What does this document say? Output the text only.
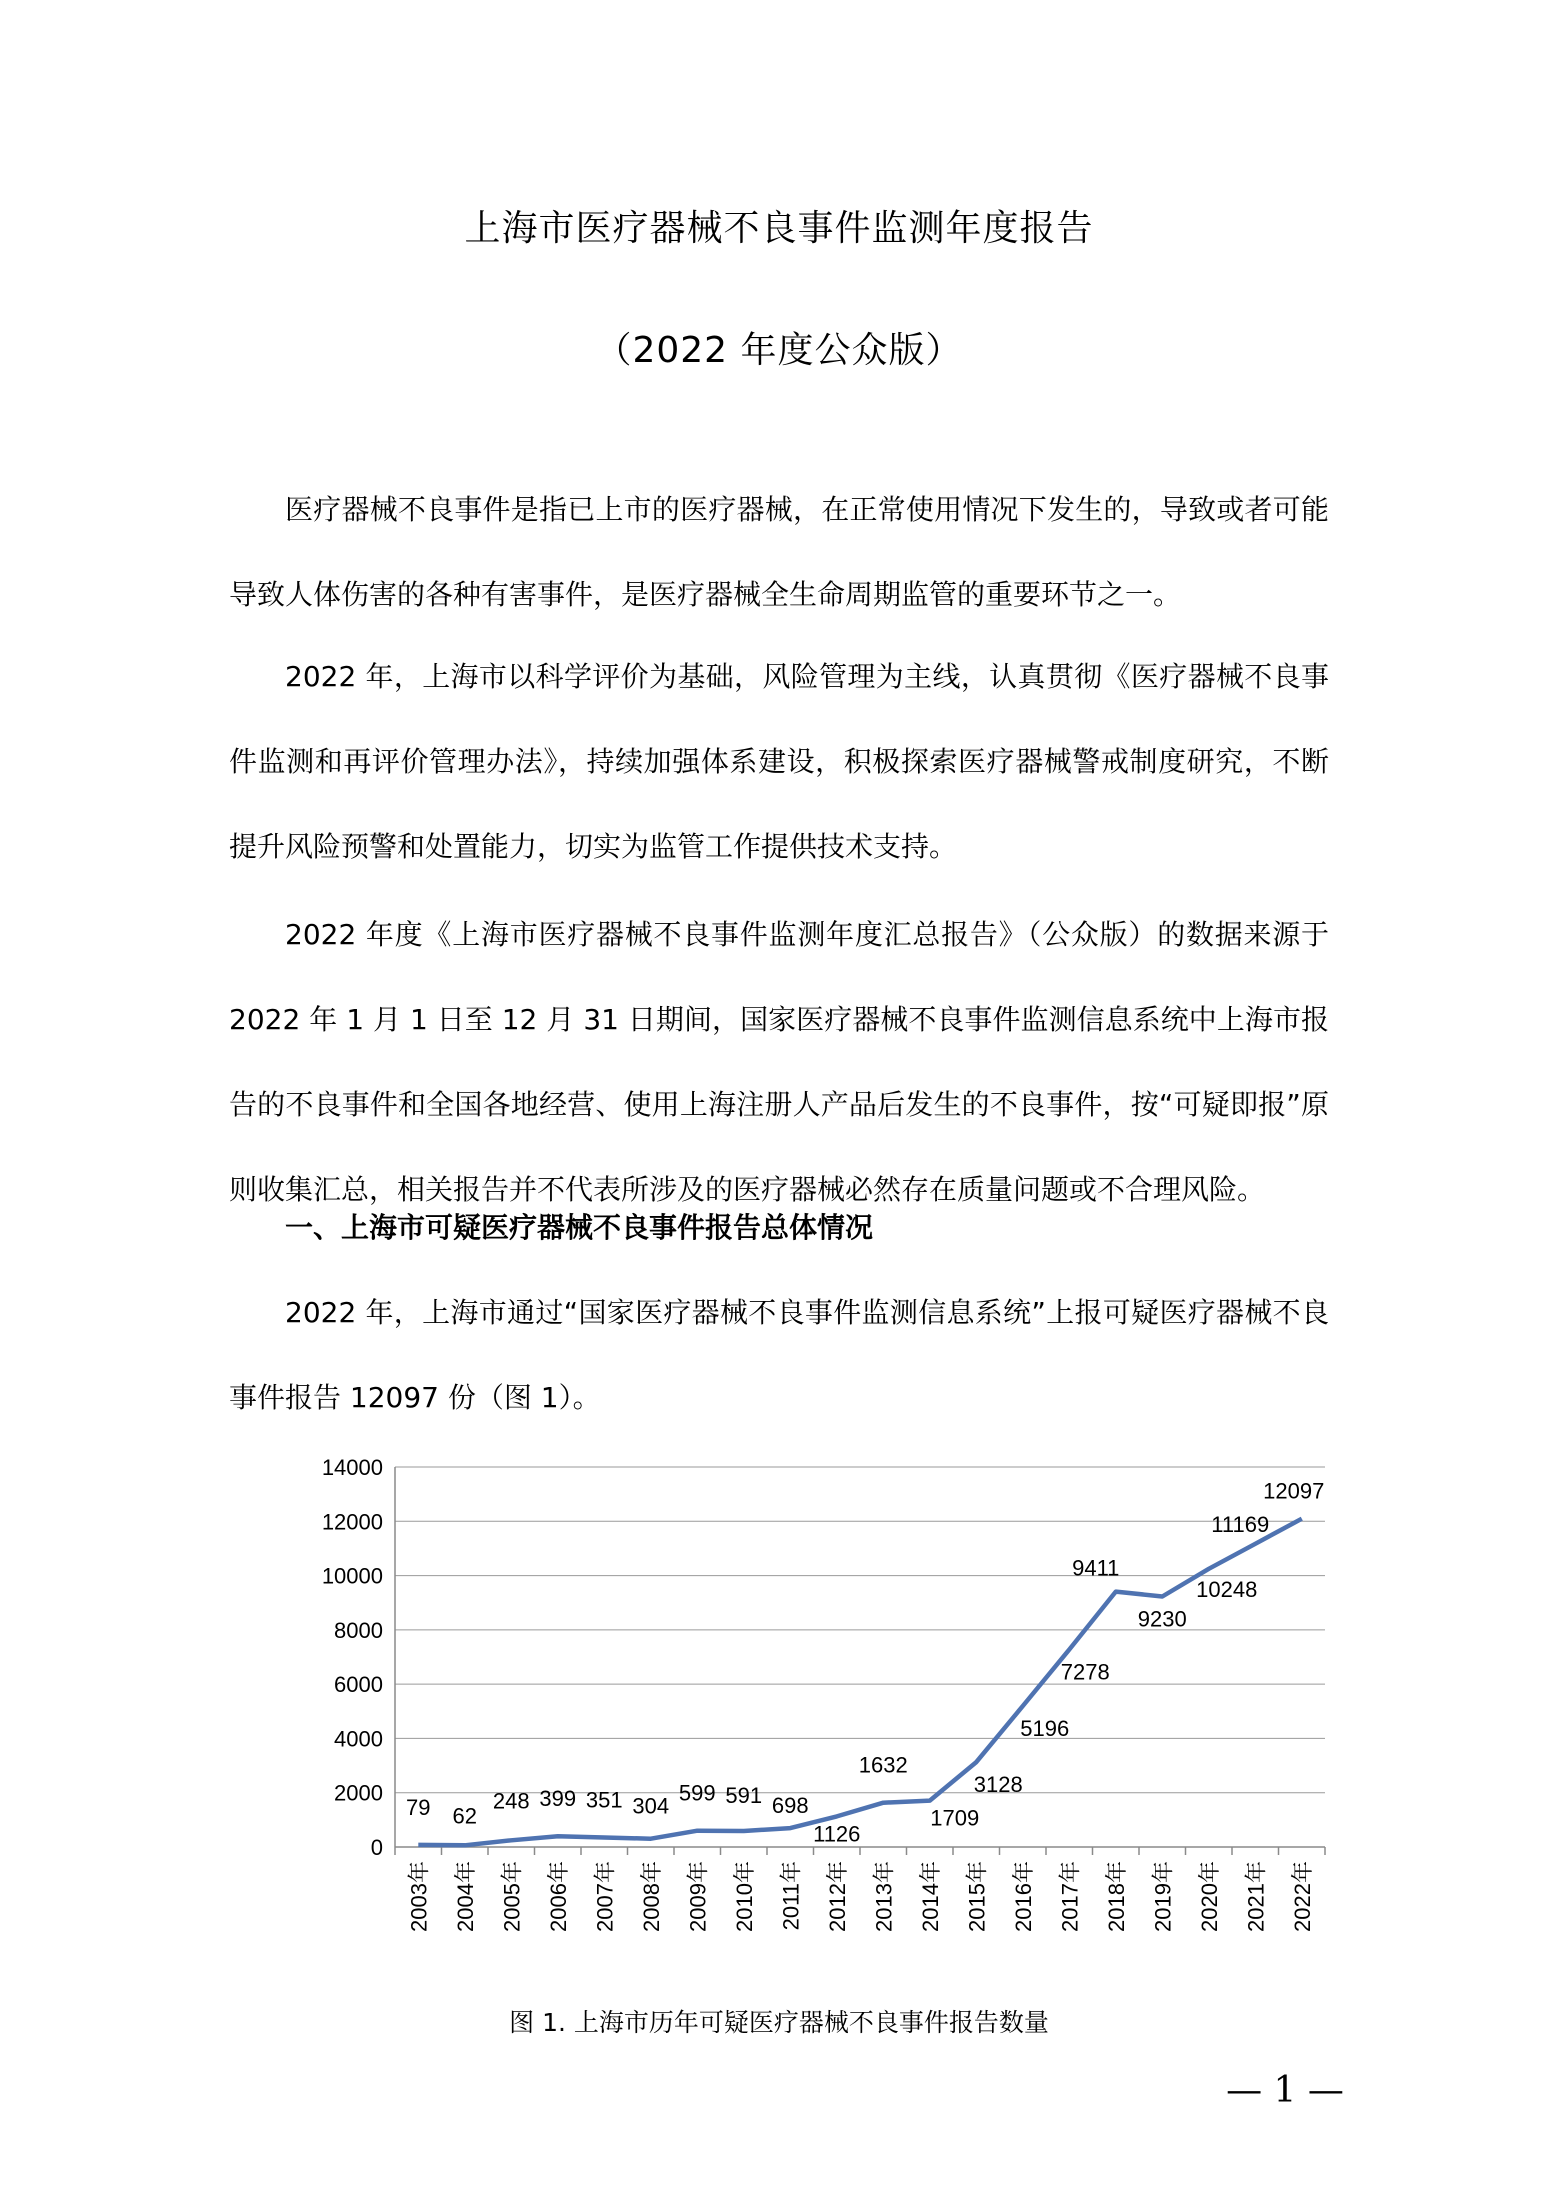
上海市医疗器械不良事件监测年度报告
（2022 年度公众版）
医疗器械不良事件是指已上市的医疗器械，在正常使用情况下发生的，导致或者可能导致人体伤害的各种有害事件，是医疗器械全生命周期监管的重要环节之一。
2022 年，上海市以科学评价为基础，风险管理为主线，认真贯彻《医疗器械不良事件监测和再评价管理办法》，持续加强体系建设，积极探索医疗器械警戒制度研究，不断提升风险预警和处置能力，切实为监管工作提供技术支持。
2022 年度《上海市医疗器械不良事件监测年度汇总报告》（公众版）的数据来源于 2022 年 1 月 1 日至 12 月 31 日期间，国家医疗器械不良事件监测信息系统中上海市报告的不良事件和全国各地经营、使用上海注册人产品后发生的不良事件，按“可疑即报”原则收集汇总，相关报告并不代表所涉及的医疗器械必然存在质量问题或不合理风险。
一、上海市可疑医疗器械不良事件报告总体情况
2022 年，上海市通过“国家医疗器械不良事件监测信息系统”上报可疑医疗器械不良事件报告 12097 份（图 1）。
0
2000
4000
6000
8000
10000
12000
14000
2003年 2004年 2005年 2006年 2007年 2008年 2009年 2010年 2011年 2012年 2013年 2014年 2015年 2016年 2017年 2018年 2019年 2020年 2021年 2022年
79 62
248 399 351 304
599 591 698
1126
1632
1709
3128
5196
7278
9411
9230
10248
11169
12097
图 1. 上海市历年可疑医疗器械不良事件报告数量
— 1 —
